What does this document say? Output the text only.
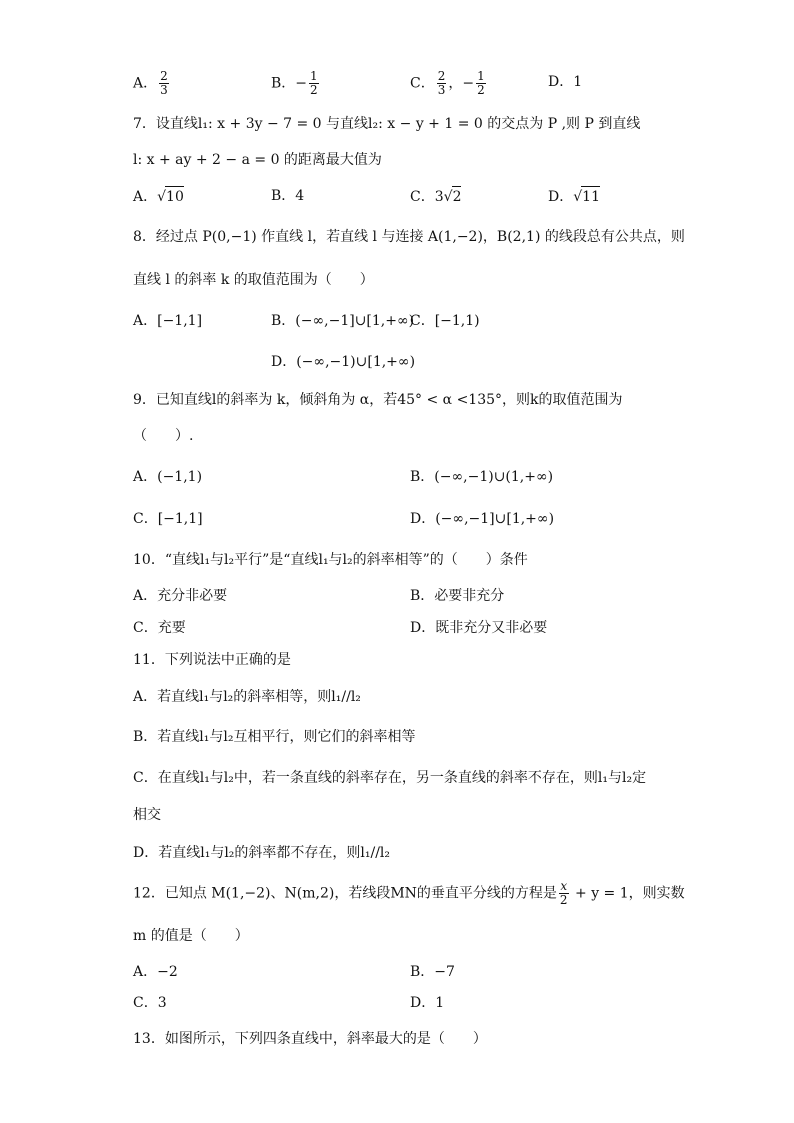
A． $\frac{2}{3}$	B．− $\frac{1}{2}$	C． $\frac{2}{3}$ ，− $\frac{1}{2}$	D．1
7．设直线l₁: x + 3y − 7 = 0 与直线l₂: x − y + 1 = 0 的交点为 P ,则 P 到直线
l: x + ay + 2 − a = 0 的距离最大值为
A．√10	B．4	C．3√2	D．√11
8．经过点 P(0,−1) 作直线 l，若直线 l 与连接 A(1,−2)，B(2,1) 的线段总有公共点，则
直线 l 的斜率 k 的取值范围为（　　）
A．[−1,1]	B．(−∞,−1]∪[1,+∞)
C．[−1,1)
D．(−∞,−1)∪[1,+∞)
9．已知直线l的斜率为 k，倾斜角为 α，若45° < α <135°，则k的取值范围为
（　　）.
A．(−1,1)	B．(−∞,−1)∪(1,+∞)
C．[−1,1]	D．(−∞,−1]∪[1,+∞)
10．“直线l₁与l₂平行”是“直线l₁与l₂的斜率相等”的（　　）条件
A．充分非必要	B．必要非充分
C．充要	D．既非充分又非必要
11．下列说法中正确的是
A．若直线l₁与l₂的斜率相等，则l₁//l₂
B．若直线l₁与l₂互相平行，则它们的斜率相等
C．在直线l₁与l₂中，若一条直线的斜率存在，另一条直线的斜率不存在，则l₁与l₂定
相交
D．若直线l₁与l₂的斜率都不存在，则l₁//l₂
12．已知点 M(1,−2)、N(m,2)，若线段MN的垂直平分线的方程是 $\frac{x}{2} + y = 1$，则实数
m 的值是（　　）
A．−2	B．−7
C．3	D．1
13．如图所示，下列四条直线中，斜率最大的是（　　）
